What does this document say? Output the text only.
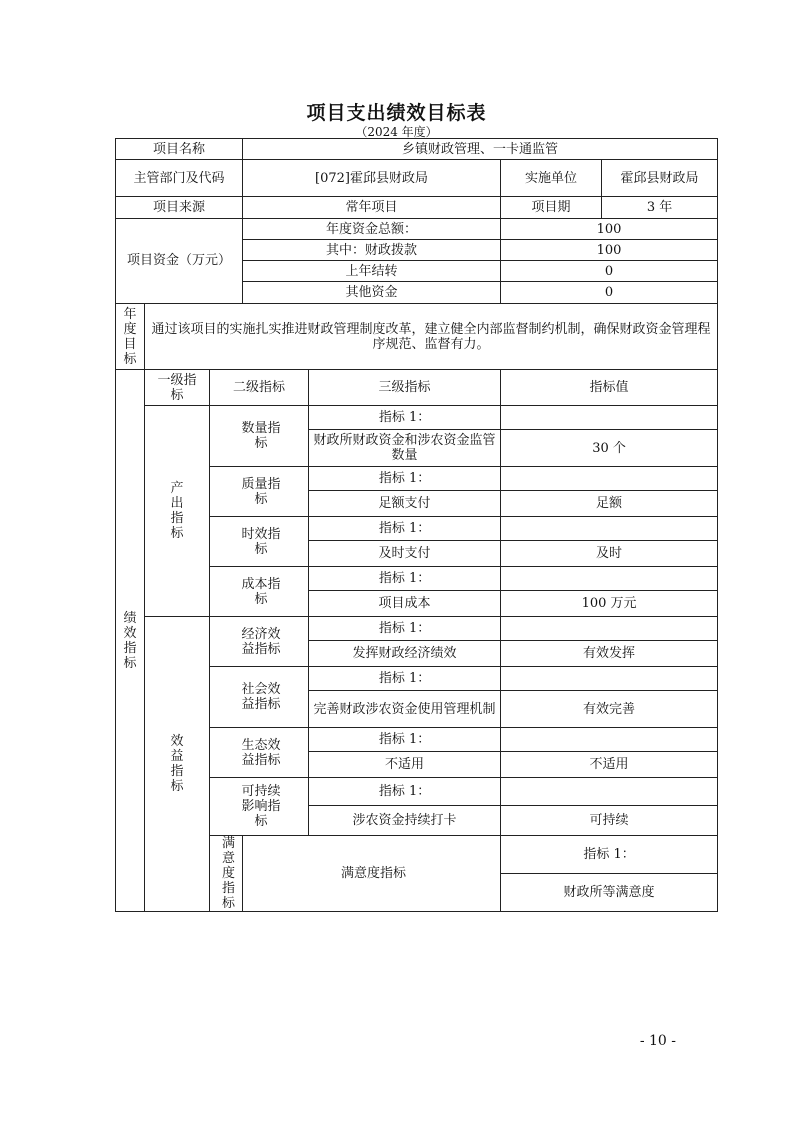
项目支出绩效目标表
（2024 年度）
项目名称			乡镇财政管理、一卡通监管			
主管部门及代码			[072]霍邱县财政局		实施单位 霍邱县财政局	

项目来源			常年项目		项目期 3 年	

项目资金（万元）			年度资金总额：		100	
			其中：财政拨款		100	
			上年结转		0	
			其他资金		0	
年度目标	通过该项目的实施扎实推进财政管理制度改革，建立健全内部监督制约机制，确保财政资金管理程序规范、监督有力。					
绩效指标	一级指标	二级指标		三级指标	指标值	
	产出指标	数量指标		指标 1：		
				财政所财政资金和涉农资金监管数量	30 个	
		质量指标		指标 1：		
				足额支付	足额	
		时效指标		指标 1：		
				及时支付	及时	
		成本指标		指标 1：		
				项目成本	100 万元	
	效益指标	经济效益指标		指标 1：		
				发挥财政经济绩效	有效发挥	
		社会效益指标		指标 1：		
				完善财政涉农资金使用管理机制	有效完善	
		生态效益指标		指标 1：		
				不适用	不适用	
		可持续影响指标		指标 1：		
				涉农资金持续打卡	可持续	
		满意度指标	满意度指标		指标 1：	
					财政所等满意度	
- 10 -
